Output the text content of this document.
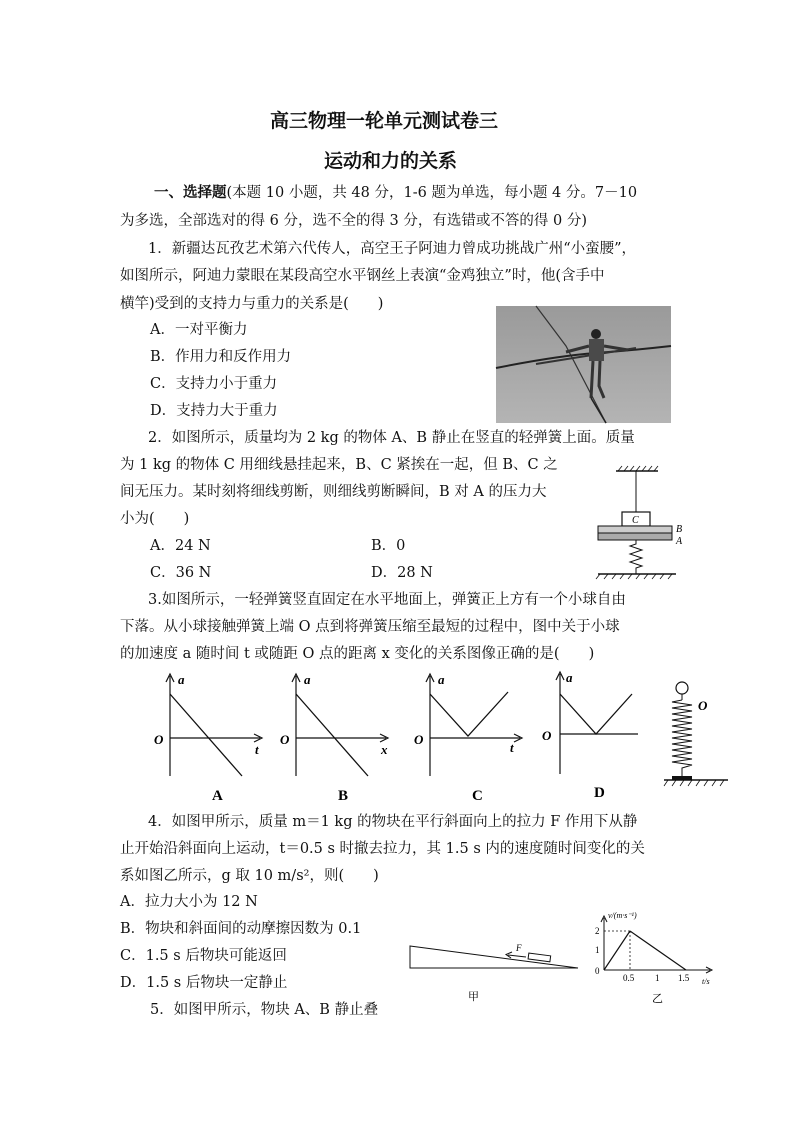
高三物理一轮单元测试卷三
运动和力的关系
一、选择题(本题 10 小题，共 48 分，1-6 题为单选，每小题 4 分。7－10
为多选，全部选对的得 6 分，选不全的得 3 分，有选错或不答的得 0 分)
1．新疆达瓦孜艺术第六代传人，高空王子阿迪力曾成功挑战广州“小蛮腰”，
如图所示，阿迪力蒙眼在某段高空水平钢丝上表演“金鸡独立”时，他(含手中
横竿)受到的支持力与重力的关系是(　　)
A．一对平衡力
B．作用力和反作用力
C．支持力小于重力
D．支持力大于重力
2．如图所示，质量均为 2 kg 的物体 A、B 静止在竖直的轻弹簧上面。质量
为 1 kg 的物体 C 用细线悬挂起来，B、C 紧挨在一起，但 B、C 之
间无压力。某时刻将细线剪断，则细线剪断瞬间，B 对 A 的压力大
小为(　　)
A．24 N	B．0
C．36 N	D．28 N
C
B
A
3.如图所示，一轻弹簧竖直固定在水平地面上，弹簧正上方有一个小球自由
下落。从小球接触弹簧上端 O 点到将弹簧压缩至最短的过程中，图中关于小球
的加速度 a 随时间 t 或随距 O 点的距离 x 变化的关系图像正确的是(　　)
a
O
t
A
a
O
x
B
a
O
t
C
a
O
D
O
4．如图甲所示，质量 m＝1 kg 的物块在平行斜面向上的拉力 F 作用下从静
止开始沿斜面向上运动，t＝0.5 s 时撤去拉力，其 1.5 s 内的速度随时间变化的关
系如图乙所示，g 取 10 m/s²，则(　　)
A．拉力大小为 12 N
B．物块和斜面间的动摩擦因数为 0.1
C．1.5 s 后物块可能返回
D．1.5 s 后物块一定静止
5．如图甲所示，物块 A、B 静止叠
F
甲
v/(m·s⁻¹)
2
1
0
0.5 1 1.5 t/s
乙
